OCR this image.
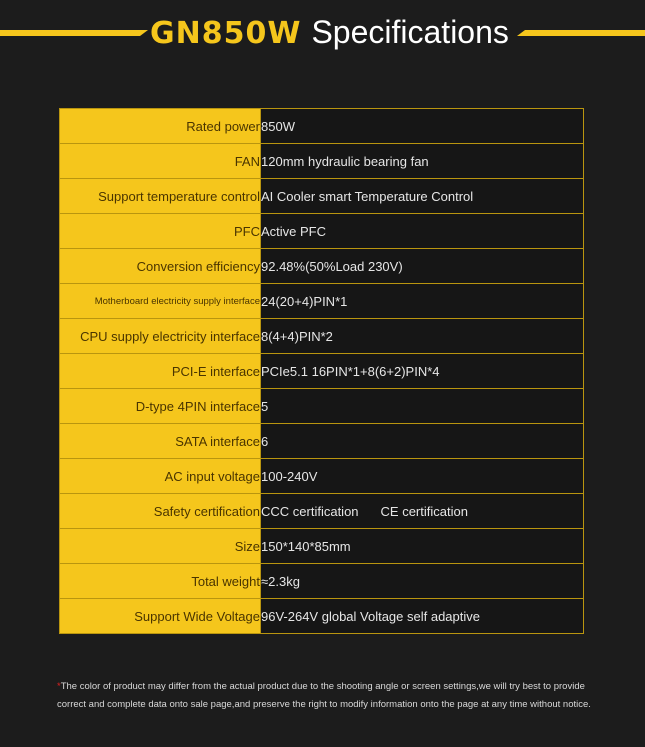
GN850W Specifications
Rated power	850W
FAN	120mm hydraulic bearing fan
Support temperature control	AI Cooler smart Temperature Control
PFC	Active PFC
Conversion efficiency	92.48%(50%Load 230V)
Motherboard electricity supply interface	24(20+4)PIN*1
CPU supply electricity interface	8(4+4)PIN*2
PCI-E interface	PCIe5.1 16PIN*1+8(6+2)PIN*4
D-type 4PIN interface	5
SATA interface	6
AC input voltage	100-240V
Safety certification	CCC certification CE certification
Size	150*140*85mm
Total weight	≈2.3kg
Support Wide Voltage	96V-264V global Voltage self adaptive
*The color of product may differ from the actual product due to the shooting angle or screen settings,we will try best to provide correct and complete data onto sale page,and preserve the right to modify information onto the page at any time without notice.
